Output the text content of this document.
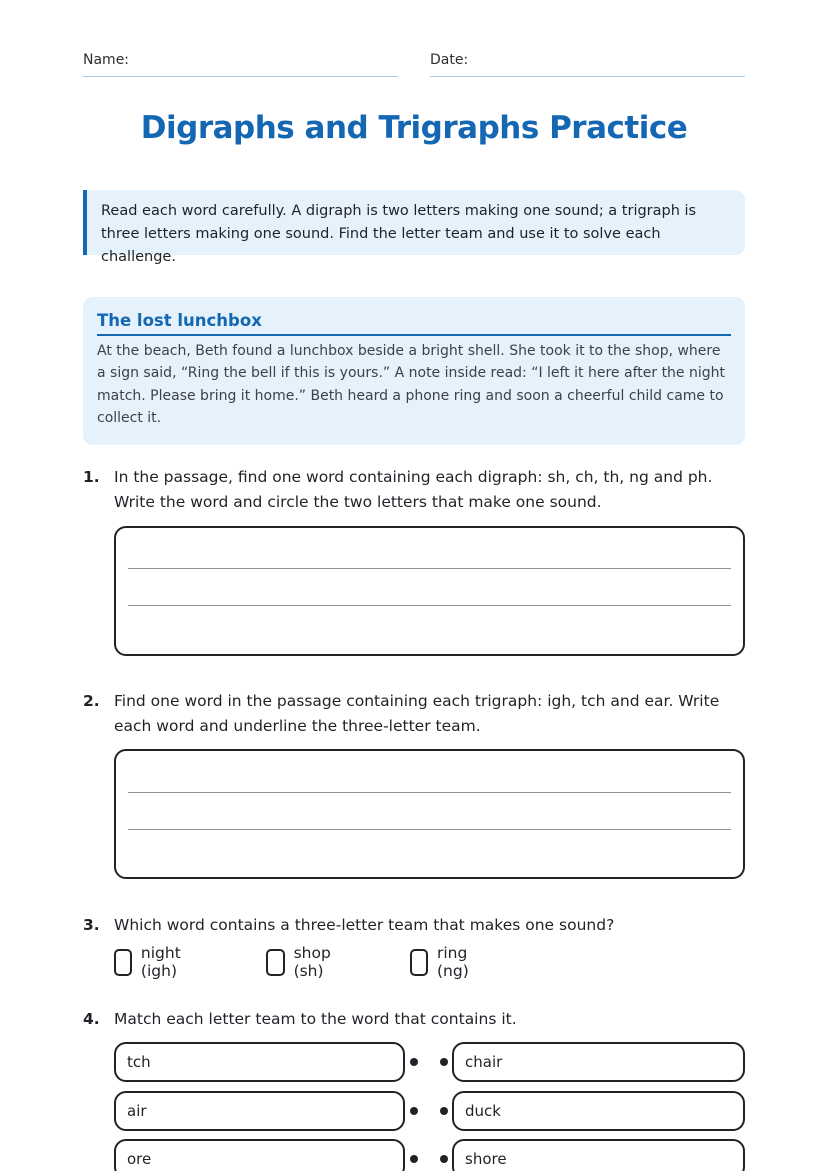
Name:	Date:
Digraphs and Trigraphs Practice
Read each word carefully. A digraph is two letters making one sound; a trigraph is three letters making one sound. Find the letter team and use it to solve each challenge.
The lost lunchbox
At the beach, Beth found a lunchbox beside a bright shell. She took it to the shop, where a sign said, “Ring the bell if this is yours.” A note inside read: “I left it here after the night match. Please bring it home.” Beth heard a phone ring and soon a cheerful child came to collect it.
1. In the passage, find one word containing each digraph: sh, ch, th, ng and ph. Write the word and circle the two letters that make one sound.
2. Find one word in the passage containing each trigraph: igh, tch and ear. Write each word and underline the three-letter team.
3. Which word contains a three-letter team that makes one sound?
night (igh)
shop (sh)
ring (ng)
4. Match each letter team to the word that contains it.
tch	chair
air	duck
ore	shore
